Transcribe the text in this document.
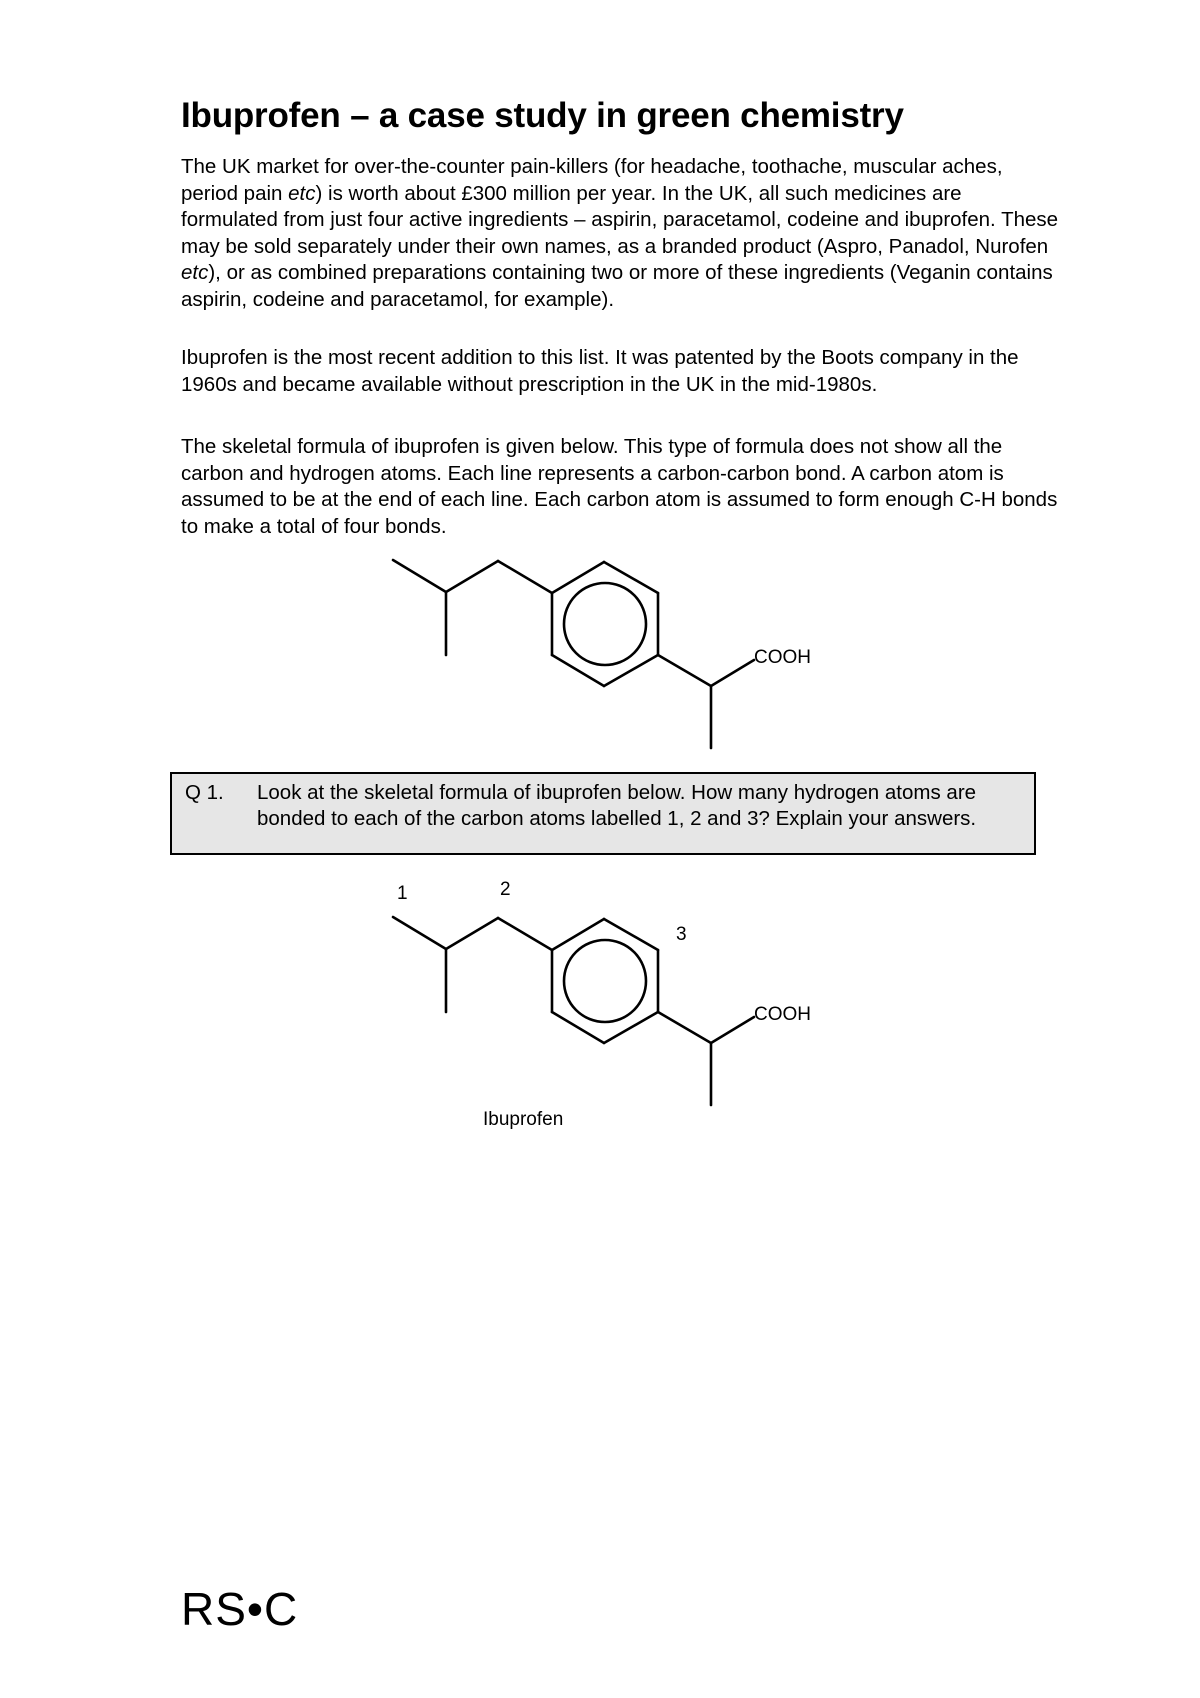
Ibuprofen – a case study in green chemistry

The UK market for over-the-counter pain-killers (for headache, toothache, muscular aches, period pain etc) is worth about £300 million per year. In the UK, all such medicines are formulated from just four active ingredients – aspirin, paracetamol, codeine and ibuprofen. These may be sold separately under their own names, as a branded product (Aspro, Panadol, Nurofen etc), or as combined preparations containing two or more of these ingredients (Veganin contains aspirin, codeine and paracetamol, for example).

Ibuprofen is the most recent addition to this list. It was patented by the Boots company in the 1960s and became available without prescription in the UK in the mid-1980s.

The skeletal formula of ibuprofen is given below. This type of formula does not show all the carbon and hydrogen atoms. Each line represents a carbon-carbon bond. A carbon atom is assumed to be at the end of each line. Each carbon atom is assumed to form enough C-H bonds to make a total of four bonds.

COOH
Q 1. Look at the skeletal formula of ibuprofen below. How many hydrogen atoms are bonded to each of the carbon atoms labelled 1, 2 and 3? Explain your answers.
1	2
3
COOH
Ibuprofen
RS•C
